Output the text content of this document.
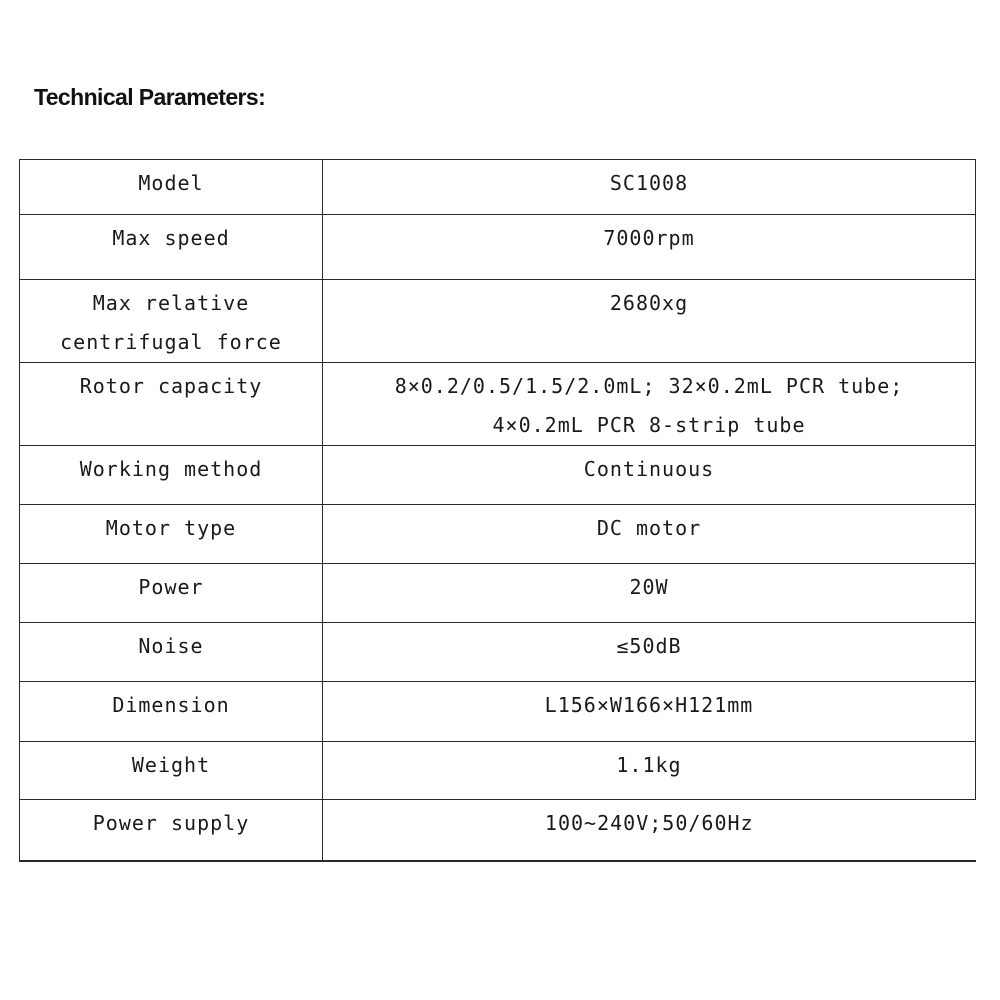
Technical Parameters:
Model	SC1008

Max speed	7000rpm

Max relative centrifugal force	2680xg

Rotor capacity	8×0.2/0.5/1.5/2.0mL; 32×0.2mL PCR tube; 4×0.2mL PCR 8-strip tube

Working method	Continuous

Motor type	DC motor

Power	20W

Noise	≤50dB

Dimension	L156×W166×H121mm

Weight	1.1kg

Power supply	100~240V;50/60Hz
